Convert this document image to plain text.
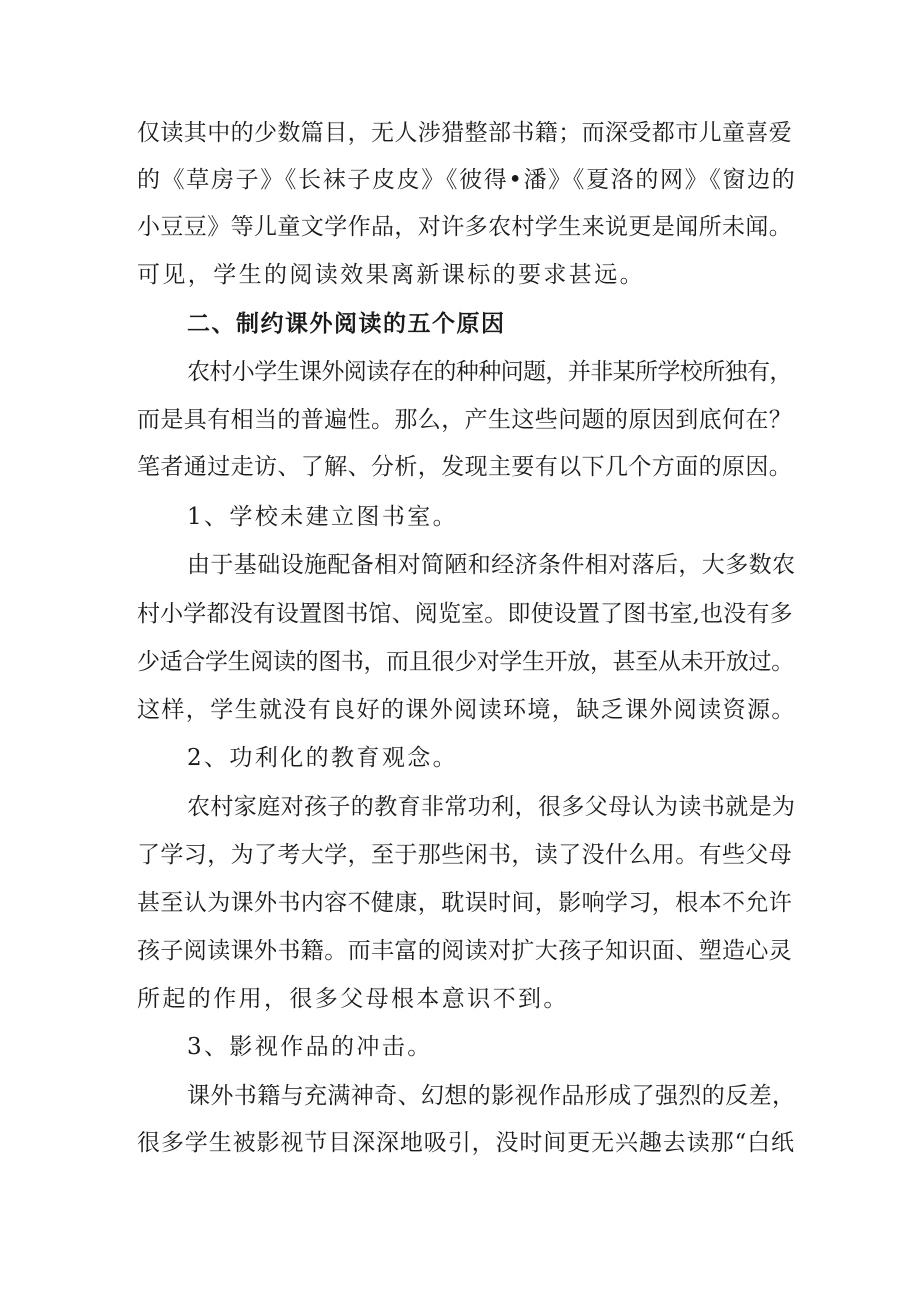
仅读其中的少数篇目，无人涉猎整部书籍；而深受都市儿童喜爱
的《草房子》《长袜子皮皮》《彼得•潘》《夏洛的网》《窗边的
小豆豆》等儿童文学作品，对许多农村学生来说更是闻所未闻。
可见，学生的阅读效果离新课标的要求甚远。
二、制约课外阅读的五个原因
农村小学生课外阅读存在的种种问题，并非某所学校所独有，
而是具有相当的普遍性。那么，产生这些问题的原因到底何在？
笔者通过走访、了解、分析，发现主要有以下几个方面的原因。
1、学校未建立图书室。
由于基础设施配备相对简陋和经济条件相对落后，大多数农
村小学都没有设置图书馆、阅览室。即使设置了图书室,也没有多
少适合学生阅读的图书，而且很少对学生开放，甚至从未开放过。
这样，学生就没有良好的课外阅读环境，缺乏课外阅读资源。
2、功利化的教育观念。
农村家庭对孩子的教育非常功利，很多父母认为读书就是为
了学习，为了考大学，至于那些闲书，读了没什么用。有些父母
甚至认为课外书内容不健康，耽误时间，影响学习，根本不允许
孩子阅读课外书籍。而丰富的阅读对扩大孩子知识面、塑造心灵
所起的作用，很多父母根本意识不到。
3、影视作品的冲击。
课外书籍与充满神奇、幻想的影视作品形成了强烈的反差，
很多学生被影视节目深深地吸引，没时间更无兴趣去读那“白纸
